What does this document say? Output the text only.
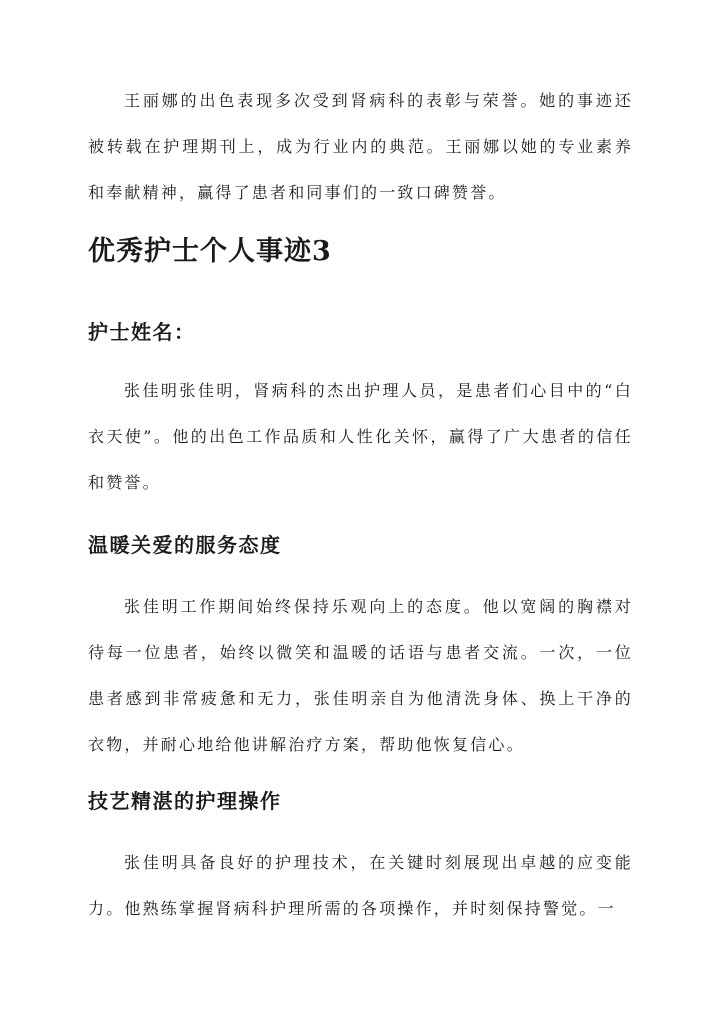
王丽娜的出色表现多次受到肾病科的表彰与荣誉。她的事迹还被转载在护理期刊上，成为行业内的典范。王丽娜以她的专业素养和奉献精神，赢得了患者和同事们的一致口碑赞誉。

优秀护士个人事迹3
护士姓名：

张佳明张佳明，肾病科的杰出护理人员，是患者们心目中的“白衣天使”。他的出色工作品质和人性化关怀，赢得了广大患者的信任和赞誉。

温暖关爱的服务态度

张佳明工作期间始终保持乐观向上的态度。他以宽阔的胸襟对待每一位患者，始终以微笑和温暖的话语与患者交流。一次，一位患者感到非常疲惫和无力，张佳明亲自为他清洗身体、换上干净的衣物，并耐心地给他讲解治疗方案，帮助他恢复信心。

技艺精湛的护理操作

张佳明具备良好的护理技术，在关键时刻展现出卓越的应变能力。他熟练掌握肾病科护理所需的各项操作，并时刻保持警觉。一
